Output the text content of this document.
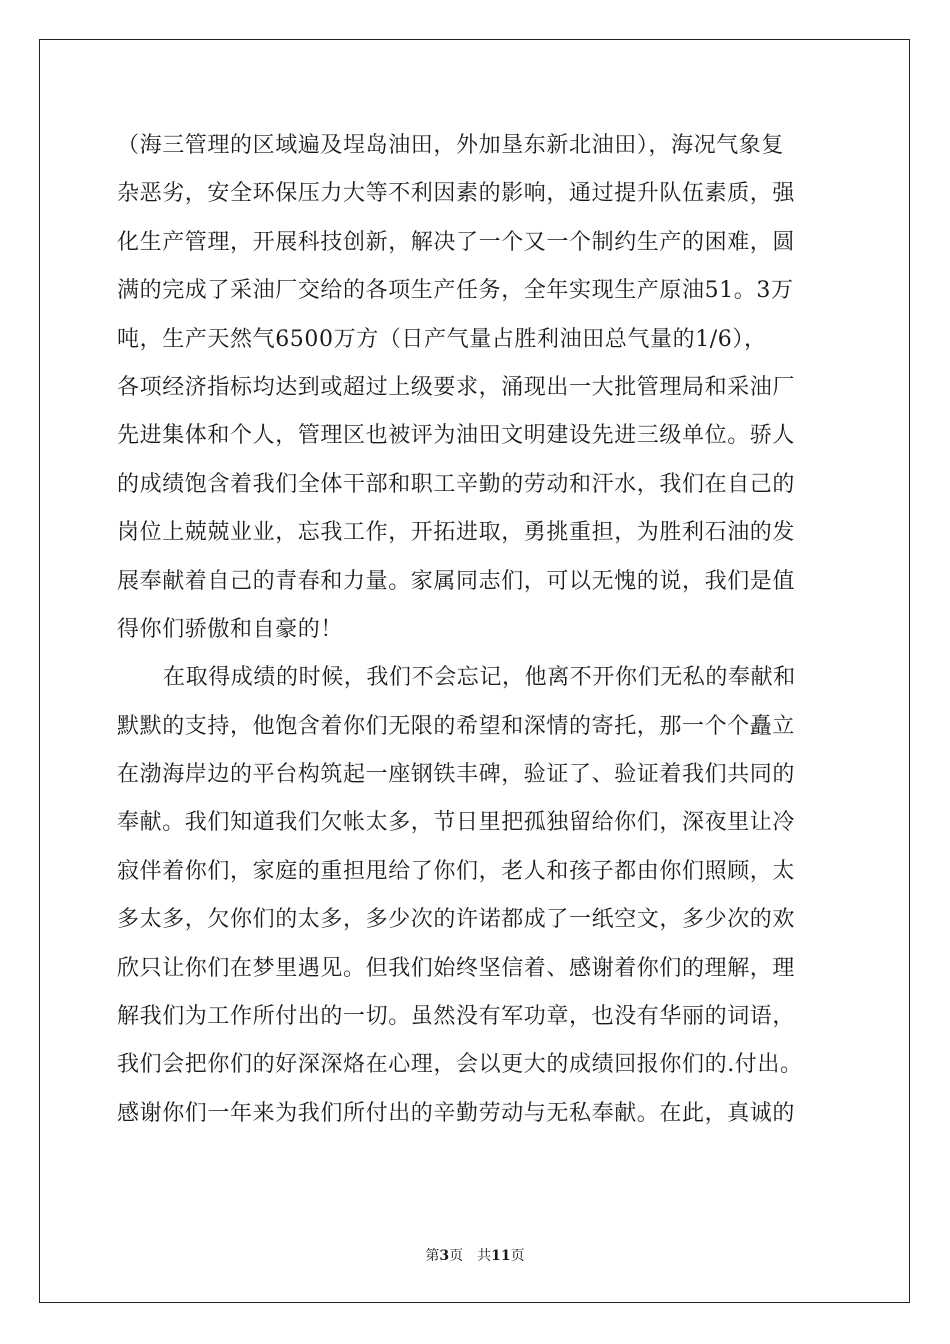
（海三管理的区域遍及埕岛油田，外加垦东新北油田），海况气象复
杂恶劣，安全环保压力大等不利因素的影响，通过提升队伍素质，强
化生产管理，开展科技创新，解决了一个又一个制约生产的困难，圆
满的完成了采油厂交给的各项生产任务，全年实现生产原油51。3万
吨，生产天然气6500万方（日产气量占胜利油田总气量的1/6），
各项经济指标均达到或超过上级要求，涌现出一大批管理局和采油厂
先进集体和个人，管理区也被评为油田文明建设先进三级单位。骄人
的成绩饱含着我们全体干部和职工辛勤的劳动和汗水，我们在自己的
岗位上兢兢业业，忘我工作，开拓进取，勇挑重担，为胜利石油的发
展奉献着自己的青春和力量。家属同志们，可以无愧的说，我们是值
得你们骄傲和自豪的！
在取得成绩的时候，我们不会忘记，他离不开你们无私的奉献和
默默的支持，他饱含着你们无限的希望和深情的寄托，那一个个矗立
在渤海岸边的平台构筑起一座钢铁丰碑，验证了、验证着我们共同的
奉献。我们知道我们欠帐太多，节日里把孤独留给你们，深夜里让冷
寂伴着你们，家庭的重担甩给了你们，老人和孩子都由你们照顾，太
多太多，欠你们的太多，多少次的许诺都成了一纸空文，多少次的欢
欣只让你们在梦里遇见。但我们始终坚信着、感谢着你们的理解，理
解我们为工作所付出的一切。虽然没有军功章，也没有华丽的词语，
我们会把你们的好深深烙在心理，会以更大的成绩回报你们的.付出。
感谢你们一年来为我们所付出的辛勤劳动与无私奉献。在此，真诚的
第3页 共11页
